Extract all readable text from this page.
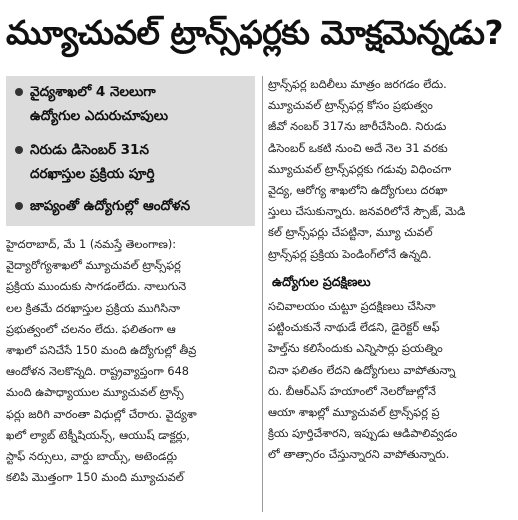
మ్యూచువల్ ట్రాన్స్‌ఫర్లకు మోక్షమెన్నడు?
వైద్యశాఖలో 4 నెలలుగా
ఉద్యోగుల ఎదురుచూపులు
నిరుడు డిసెంబర్ 31న
దరఖాస్తుల ప్రక్రియ పూర్తి
జాప్యంతో ఉద్యోగుల్లో ఆందోళన
హైదరాబాద్, మే 1 (నమస్తే తెలంగాణ):
వైద్యారోగ్యశాఖలో మ్యూచువల్ ట్రాన్స్‌ఫర్ల
ప్రక్రియ ముందుకు సాగడంలేదు. నాలుగునె
లల క్రితమే దరఖాస్తుల ప్రక్రియ ముగిసినా
ప్రభుత్వంలో చలనం లేదు. ఫలితంగా ఆ
శాఖలో పనిచేసే 150 మంది ఉద్యోగుల్లో తీవ్ర
ఆందోళన నెలకొన్నది. రాష్ట్రవ్యాప్తంగా 648
మంది ఉపాధ్యాయుల మ్యూచువల్ ట్రాన్స్
ఫర్లు జరిగి వారంతా విధుల్లో చేరారు. వైద్యశా
ఖలో ల్యాబ్ టెక్నీషియన్స్, ఆయుష్ డాక్టర్లు,
స్టాఫ్ నర్సులు, వార్డు బాయ్స్, అటెండర్లు
కలిపి మొత్తంగా 150 మంది మ్యూచువల్
ట్రాన్స్‌ఫర్ల బదిలీలు మాత్రం జరగడం లేదు.
మ్యూచువల్ ట్రాన్స్‌ఫర్ల కోసం ప్రభుత్వం
జీవో నంబర్ 317ను జారీచేసింది. నిరుడు
డిసెంబర్ ఒకటి నుంచి అదే నెల 31 వరకు
మ్యూచువల్ ట్రాన్స్‌ఫర్లకు గడువు విధించగా
వైద్య, ఆరోగ్య శాఖలోని ఉద్యోగులు దరఖా
స్తులు చేసుకున్నారు. జనవరిలోనే స్పౌజ్, మెడి
కల్ ట్రాన్స్‌ఫర్లు చేపట్టినా, మ్యూ చువల్
ట్రాన్స్‌ఫర్ల ప్రక్రియ పెండింగ్‌లోనే ఉన్నది.
ఉద్యోగుల ప్రదక్షిణలు
సచివాలయం చుట్టూ ప్రదక్షిణలు చేసినా
పట్టించుకునే నాథుడే లేడని, డైరెక్టర్ ఆఫ్
హెల్త్‌ను కలిసేందుకు ఎన్నిసార్లు ప్రయత్నిం
చినా ఫలితం లేదని ఉద్యోగులు వాపోతున్నా
రు. బీఆర్‌ఎస్ హయాంలో నెలరోజుల్లోనే
ఆయా శాఖల్లో మ్యూచువల్ ట్రాన్స్‌ఫర్ల ప్ర
క్రియ పూర్తిచేశారని, ఇప్పుడు ఆడిపాలివ్వడం
లో తాత్సారం చేస్తున్నారని వాపోతున్నారు.
